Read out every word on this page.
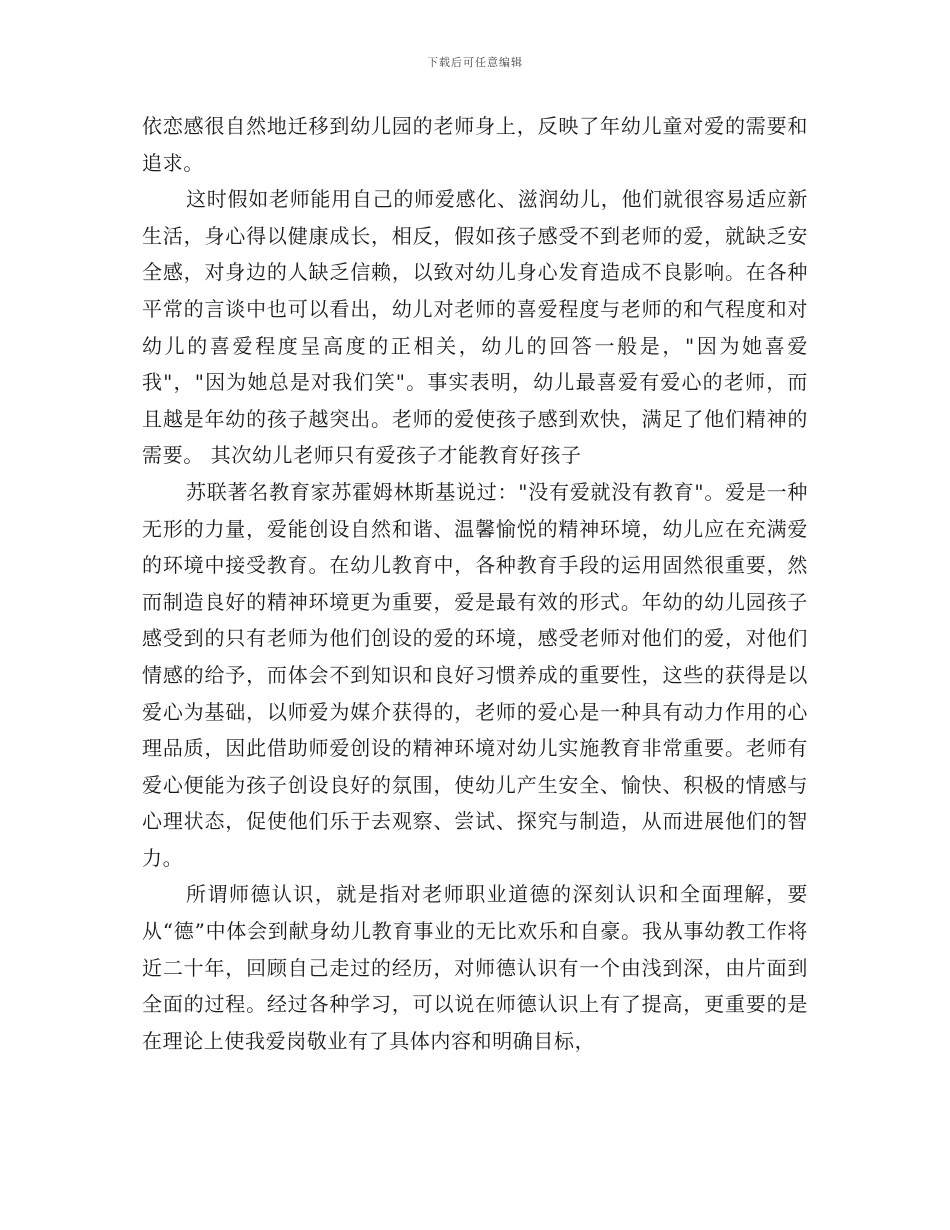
下载后可任意编辑

依恋感很自然地迁移到幼儿园的老师身上，反映了年幼儿童对爱的需要和追求。

这时假如老师能用自己的师爱感化、滋润幼儿，他们就很容易适应新生活，身心得以健康成长，相反，假如孩子感受不到老师的爱，就缺乏安全感，对身边的人缺乏信赖，以致对幼儿身心发育造成不良影响。在各种平常的言谈中也可以看出，幼儿对老师的喜爱程度与老师的和气程度和对幼儿的喜爱程度呈高度的正相关，幼儿的回答一般是，"因为她喜爱我"，"因为她总是对我们笑"。事实表明，幼儿最喜爱有爱心的老师，而且越是年幼的孩子越突出。老师的爱使孩子感到欢快，满足了他们精神的需要。 其次幼儿老师只有爱孩子才能教育好孩子

苏联著名教育家苏霍姆林斯基说过："没有爱就没有教育"。爱是一种无形的力量，爱能创设自然和谐、温馨愉悦的精神环境，幼儿应在充满爱的环境中接受教育。在幼儿教育中，各种教育手段的运用固然很重要，然而制造良好的精神环境更为重要，爱是最有效的形式。年幼的幼儿园孩子感受到的只有老师为他们创设的爱的环境，感受老师对他们的爱，对他们情感的给予，而体会不到知识和良好习惯养成的重要性，这些的获得是以爱心为基础，以师爱为媒介获得的，老师的爱心是一种具有动力作用的心理品质，因此借助师爱创设的精神环境对幼儿实施教育非常重要。老师有爱心便能为孩子创设良好的氛围，使幼儿产生安全、愉快、积极的情感与心理状态，促使他们乐于去观察、尝试、探究与制造，从而进展他们的智力。

所谓师德认识，就是指对老师职业道德的深刻认识和全面理解，要从“德”中体会到献身幼儿教育事业的无比欢乐和自豪。我从事幼教工作将近二十年，回顾自己走过的经历，对师德认识有一个由浅到深，由片面到全面的过程。经过各种学习，可以说在师德认识上有了提高，更重要的是在理论上使我爱岗敬业有了具体内容和明确目标，
